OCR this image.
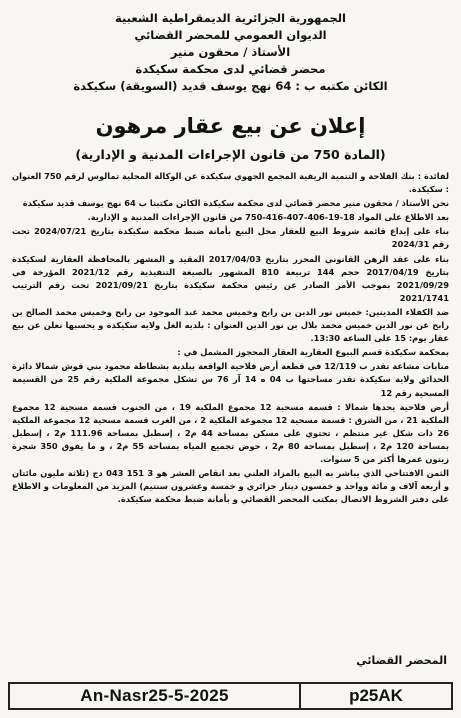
الجمهورية الجزائرية الديمقراطية الشعبية
الديوان العمومي للمحضر القضائي
الأستاذ / محقون منير
محضر قضائي لدى محكمة سكيكدة
الكائن مكتبه ب : 64 نهج يوسف قديد (السويقة) سكيكدة
إعلان عن بيع عقار مرهون
(المادة 750 من قانون الإجراءات المدنية و الإدارية)

لفائدة : بنك الفلاحة و التنمية الريفية المجمع الجهوي سكيكدة عن الوكالة المحلية تمالوس لرقم 750 العنوان : سكيكدة.

نحن الأستاذ / محقون منير محضر قضائي لدى محكمة سكيكدة الكائن مكتبنا ب 64 نهج يوسف قديد سكيكدة

بعد الاطلاع على المواد 18-19-406-407-416-750 من قانون الإجراءات المدنية و الإدارية.

بناء على إيداع قائمة شروط البيع للعقار محل البيع بأمانة ضبط محكمة سكيكدة بتاريخ 2024/07/21 تحت رقم 2024/31

بناء على عقد الرهن القانوني المحرر بتاريخ 2017/04/03 المقيد و المشهر بالمحافظة العقارية لسكيكدة بتاريخ 2017/04/19 حجم 144 تربيعة 810 المشهور بالصيغة التنفيذية رقم 2021/12 المؤرخة في 2021/09/29 بموجب الأمر الصادر عن رئيس محكمة سكيكدة بتاريخ 2021/09/21 تحت رقم الترتيب 2021/1741

ضد الكفلاء المدينين: خميس نور الدين بن رابح وخميس محمد عبد الموجود بن رابح وخميس محمد الصالح بن رابح عن نور الدين خميس محمد بلال بن نور الدين العنوان : بلديه الغل ولايه سكيكدة و يحسبها نعلن عن بيع عقار يوم: 15 على الساعة 13:30.

بمحكمة سكيكدة قسم البيوع العقارية العقار المحجوز المشمل في :

منابات مشاعة تقدر ب 12/119 في قطعة أرض فلاحية الواقعة ببلدية بشطاطة محمود بني قوش شمالا دائرة الحدائق ولاية سكيكدة تقدر مساحتها ب 04 ه 14 آر 76 س تشكل مجموعة الملكية رقم 25 من القسيمة المسحية رقم 12

أرض فلاحية يحدها شمالا : قسمة مسحية 12 مجموع الملكية 19 ، من الجنوب قسمة مسحية 12 مجموع الملكية 21 ، من الشرق : قسمة مسحية 12 مجموعة الملكية 2 ، من الغرب قسمة مسحية 12 مجموعة الملكية 26 ذات شكل غير منتظم ، تحتوي على مسكن بمساحة 44 م2 ، إسطبل بمساحة 111.96 م2 ، إسطبل بمساحة 120 م2 ، إسطبل بمساحة 80 م2 ، حوض تجميع المياه بمساحة 55 م2 ، و ما يفوق 350 شجرة زيتون عمرها أكثر من 5 سنوات.

الثمن الافتتاحي الذي يباشر به البيع بالمزاد العلني بعد انقاص العشر هو 3 151 043 دج (ثلاثة مليون مائتان و أربعة آلاف و مائة وواحد و خمسون دينار جزائري و خمسة وعشرون سنتيم) المزيد من المعلومات و الاطلاع على دفتر الشروط الاتصال بمكتب المحضر القضائي و بأمانة ضبط محكمة سكيكدة.

المحضر القضائي
An-Nasr25-5-2025	p25AK
